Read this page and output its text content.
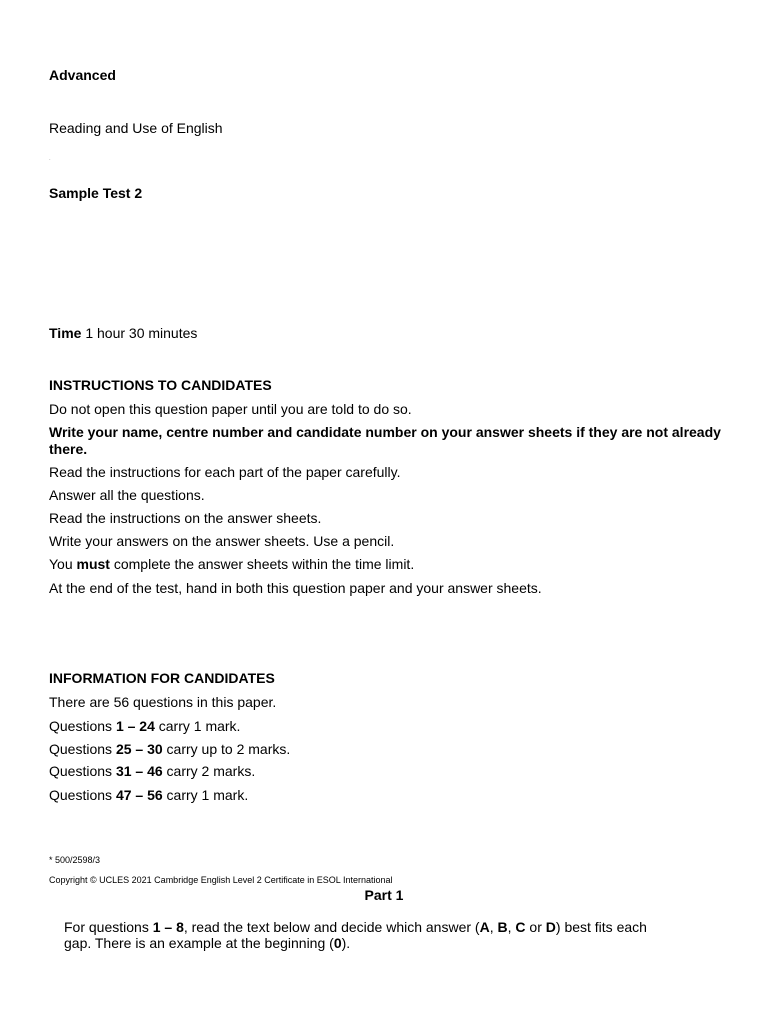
Advanced
Reading and Use of English
.
Sample Test 2
Time 1 hour 30 minutes
INSTRUCTIONS TO CANDIDATES
Do not open this question paper until you are told to do so.
Write your name, centre number and candidate number on your answer sheets if they are not already there.
Read the instructions for each part of the paper carefully.
Answer all the questions.
Read the instructions on the answer sheets.
Write your answers on the answer sheets. Use a pencil.
You must complete the answer sheets within the time limit.
At the end of the test, hand in both this question paper and your answer sheets.
INFORMATION FOR CANDIDATES
There are 56 questions in this paper.
Questions 1 – 24 carry 1 mark.
Questions 25 – 30 carry up to 2 marks.
Questions 31 – 46 carry 2 marks.
Questions 47 – 56 carry 1 mark.
* 500/2598/3
Copyright © UCLES 2021 Cambridge English Level 2 Certificate in ESOL International
Part 1
For questions 1 – 8, read the text below and decide which answer (A, B, C or D) best fits each gap. There is an example at the beginning (0).
